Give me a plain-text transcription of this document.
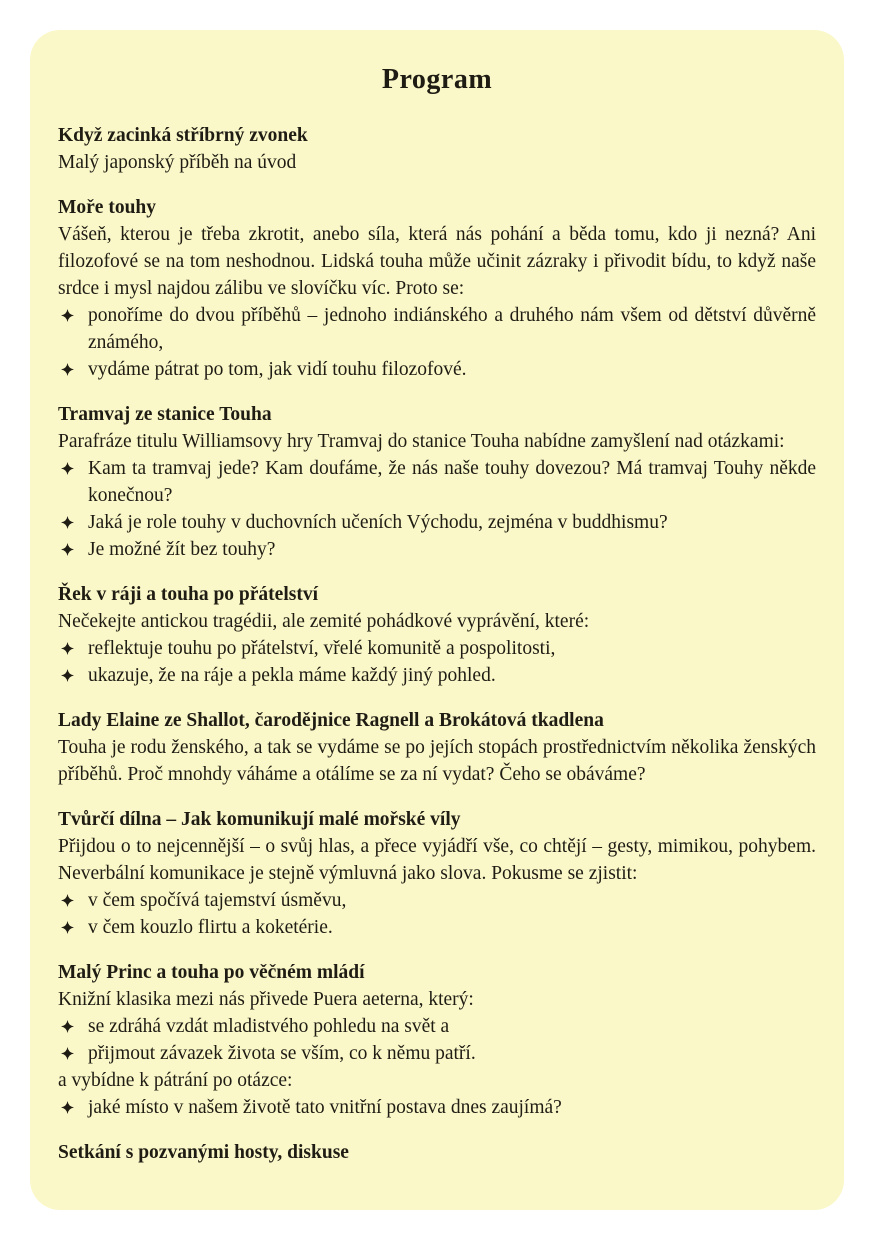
Program
Když zacinká stříbrný zvonek

Malý japonský příběh na úvod

Moře touhy

Vášeň, kterou je třeba zkrotit, anebo síla, která nás pohání a běda tomu, kdo ji nezná? Ani filozofové se na tom neshodnou. Lidská touha může učinit zázraky i přivodit bídu, to když naše srdce i mysl najdou zálibu ve slovíčku víc. Proto se:

ponoříme do dvou příběhů – jednoho indiánského a druhého nám všem od dětství důvěrně známého,
vydáme pátrat po tom, jak vidí touhu filozofové.
Tramvaj ze stanice Touha

Parafráze titulu Williamsovy hry Tramvaj do stanice Touha nabídne zamyšlení nad otázkami:

Kam ta tramvaj jede? Kam doufáme, že nás naše touhy dovezou? Má tramvaj Touhy někde konečnou?
Jaká je role touhy v duchovních učeních Východu, zejména v buddhismu?
Je možné žít bez touhy?
Řek v ráji a touha po přátelství

Nečekejte antickou tragédii, ale zemité pohádkové vyprávění, které:

reflektuje touhu po přátelství, vřelé komunitě a pospolitosti,
ukazuje, že na ráje a pekla máme každý jiný pohled.
Lady Elaine ze Shallot, čarodějnice Ragnell a Brokátová tkadlena

Touha je rodu ženského, a tak se vydáme se po jejích stopách prostřednictvím několika ženských příběhů. Proč mnohdy váháme a otálíme se za ní vydat? Čeho se obáváme?

Tvůrčí dílna – Jak komunikují malé mořské víly

Přijdou o to nejcennější – o svůj hlas, a přece vyjádří vše, co chtějí – gesty, mimikou, pohybem. Neverbální komunikace je stejně výmluvná jako slova. Pokusme se zjistit:

v čem spočívá tajemství úsměvu,
v čem kouzlo flirtu a koketérie.
Malý Princ a touha po věčném mládí

Knižní klasika mezi nás přivede Puera aeterna, který:

se zdráhá vzdát mladistvého pohledu na svět a
přijmout závazek života se vším, co k němu patří.

a vybídne k pátrání po otázce:

jaké místo v našem životě tato vnitřní postava dnes zaujímá?
Setkání s pozvanými hosty, diskuse
